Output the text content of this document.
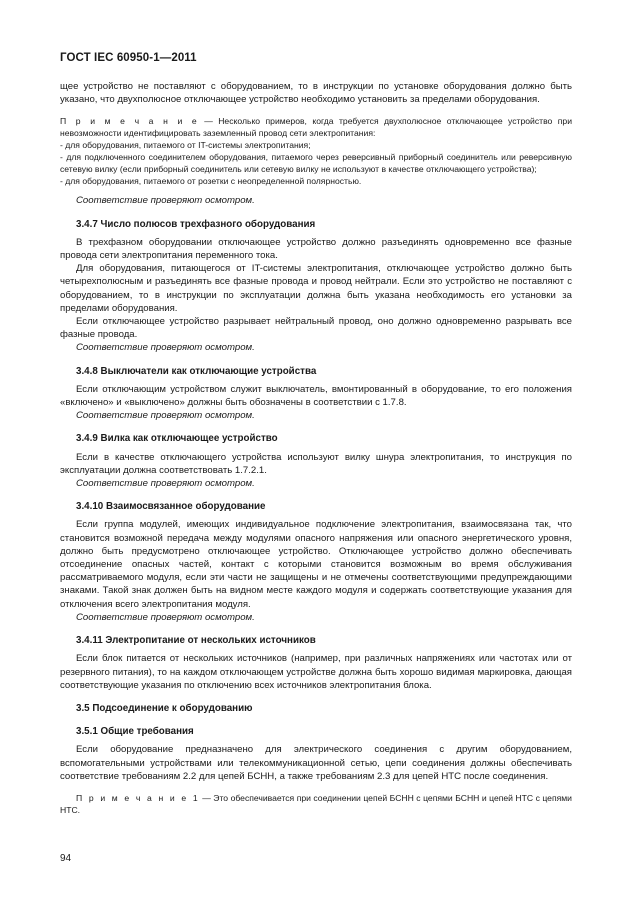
ГОСТ IEC 60950-1—2011

щее устройство не поставляют с оборудованием, то в инструкции по установке оборудования должно быть указано, что двухполюсное отключающее устройство необходимо установить за пределами оборудования.

П р и м е ч а н и е — Несколько примеров, когда требуется двухполюсное отключающее устройство при невозможности идентифицировать заземленный провод сети электропитания:

- для оборудования, питаемого от IT-системы электропитания;

- для подключенного соединителем оборудования, питаемого через реверсивный приборный соединитель или реверсивную сетевую вилку (если приборный соединитель или сетевую вилку не используют в качестве отключающего устройства);

- для оборудования, питаемого от розетки с неопределенной полярностью.

Соответствие проверяют осмотром.

3.4.7 Число полюсов трехфазного оборудования

В трехфазном оборудовании отключающее устройство должно разъединять одновременно все фазные провода сети электропитания переменного тока.

Для оборудования, питающегося от IT-системы электропитания, отключающее устройство должно быть четырехполюсным и разъединять все фазные провода и провод нейтрали. Если это устройство не поставляют с оборудованием, то в инструкции по эксплуатации должна быть указана необходимость его установки за пределами оборудования.

Если отключающее устройство разрывает нейтральный провод, оно должно одновременно разрывать все фазные провода.

Соответствие проверяют осмотром.

3.4.8 Выключатели как отключающие устройства

Если отключающим устройством служит выключатель, вмонтированный в оборудование, то его положения «включено» и «выключено» должны быть обозначены в соответствии с 1.7.8.

Соответствие проверяют осмотром.

3.4.9 Вилка как отключающее устройство

Если в качестве отключающего устройства используют вилку шнура электропитания, то инструкция по эксплуатации должна соответствовать 1.7.2.1.

Соответствие проверяют осмотром.

3.4.10 Взаимосвязанное оборудование

Если группа модулей, имеющих индивидуальное подключение электропитания, взаимосвязана так, что становится возможной передача между модулями опасного напряжения или опасного энергетического уровня, должно быть предусмотрено отключающее устройство. Отключающее устройство должно обеспечивать отсоединение опасных частей, контакт с которыми становится возможным во время обслуживания рассматриваемого модуля, если эти части не защищены и не отмечены соответствующими предупреждающими знаками. Такой знак должен быть на видном месте каждого модуля и содержать соответствующие указания для отключения всего электропитания модуля.

Соответствие проверяют осмотром.

3.4.11 Электропитание от нескольких источников

Если блок питается от нескольких источников (например, при различных напряжениях или частотах или от резервного питания), то на каждом отключающем устройстве должна быть хорошо видимая маркировка, дающая соответствующие указания по отключению всех источников электропитания блока.

3.5 Подсоединение к оборудованию
3.5.1 Общие требования

Если оборудование предназначено для электрического соединения с другим оборудованием, вспомогательными устройствами или телекоммуникационной сетью, цепи соединения должны обеспечивать соответствие требованиям 2.2 для цепей БСНН, а также требованиям 2.3 для цепей НТС после соединения.

П р и м е ч а н и е 1 — Это обеспечивается при соединении цепей БСНН с цепями БСНН и цепей НТС с цепями НТС.

94
